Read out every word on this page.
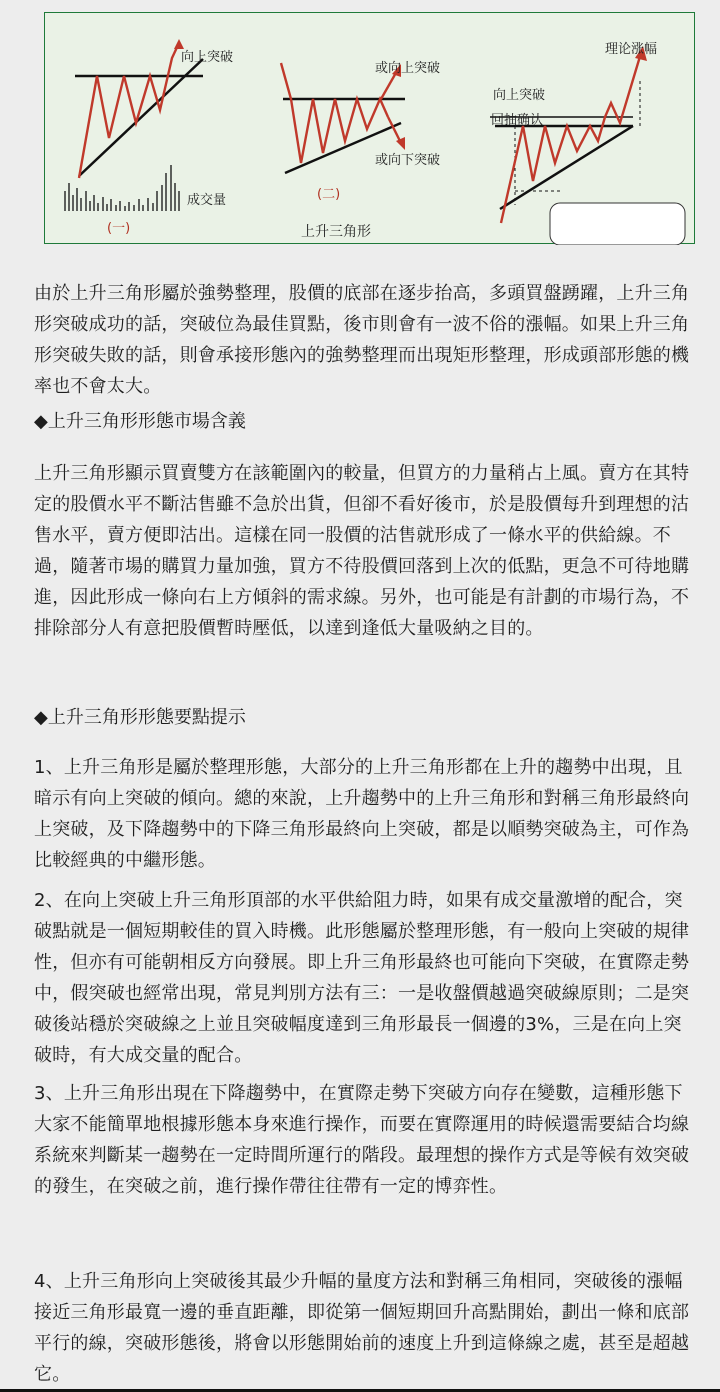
向上突破
成交量
(一)
或向上突破
或向下突破
(二)
上升三角形
理论涨幅
向上突破
回抽确认

由於上升三角形屬於強勢整理，股價的底部在逐步抬高，多頭買盤踴躍，上升三角形突破成功的話，突破位為最佳買點，後市則會有一波不俗的漲幅。如果上升三角形突破失敗的話，則會承接形態內的強勢整理而出現矩形整理，形成頭部形態的機率也不會太大。

◆上升三角形形態市場含義

上升三角形顯示買賣雙方在該範圍內的較量，但買方的力量稍占上風。賣方在其特定的股價水平不斷沽售雖不急於出貨，但卻不看好後市，於是股價每升到理想的沽售水平，賣方便即沽出。這樣在同一股價的沽售就形成了一條水平的供給線。不過，隨著市場的購買力量加強，買方不待股價回落到上次的低點，更急不可待地購進，因此形成一條向右上方傾斜的需求線。另外，也可能是有計劃的市場行為，不排除部分人有意把股價暫時壓低，以達到逢低大量吸納之目的。

◆上升三角形形態要點提示

1、上升三角形是屬於整理形態，大部分的上升三角形都在上升的趨勢中出現，且暗示有向上突破的傾向。總的來說，上升趨勢中的上升三角形和對稱三角形最終向上突破，及下降趨勢中的下降三角形最終向上突破，都是以順勢突破為主，可作為比較經典的中繼形態。

2、在向上突破上升三角形頂部的水平供給阻力時，如果有成交量激增的配合，突破點就是一個短期較佳的買入時機。此形態屬於整理形態，有一般向上突破的規律性，但亦有可能朝相反方向發展。即上升三角形最終也可能向下突破，在實際走勢中，假突破也經常出現，常見判別方法有三：一是收盤價越過突破線原則；二是突破後站穩於突破線之上並且突破幅度達到三角形最長一個邊的3%，三是在向上突破時，有大成交量的配合。

3、上升三角形出現在下降趨勢中，在實際走勢下突破方向存在變數，這種形態下大家不能簡單地根據形態本身來進行操作，而要在實際運用的時候還需要結合均線系統來判斷某一趨勢在一定時間所運行的階段。最理想的操作方式是等候有效突破的發生，在突破之前，進行操作帶往往帶有一定的博弈性。

4、上升三角形向上突破後其最少升幅的量度方法和對稱三角相同，突破後的漲幅接近三角形最寬一邊的垂直距離，即從第一個短期回升高點開始，劃出一條和底部平行的線，突破形態後，將會以形態開始前的速度上升到這條線之處，甚至是超越它。
